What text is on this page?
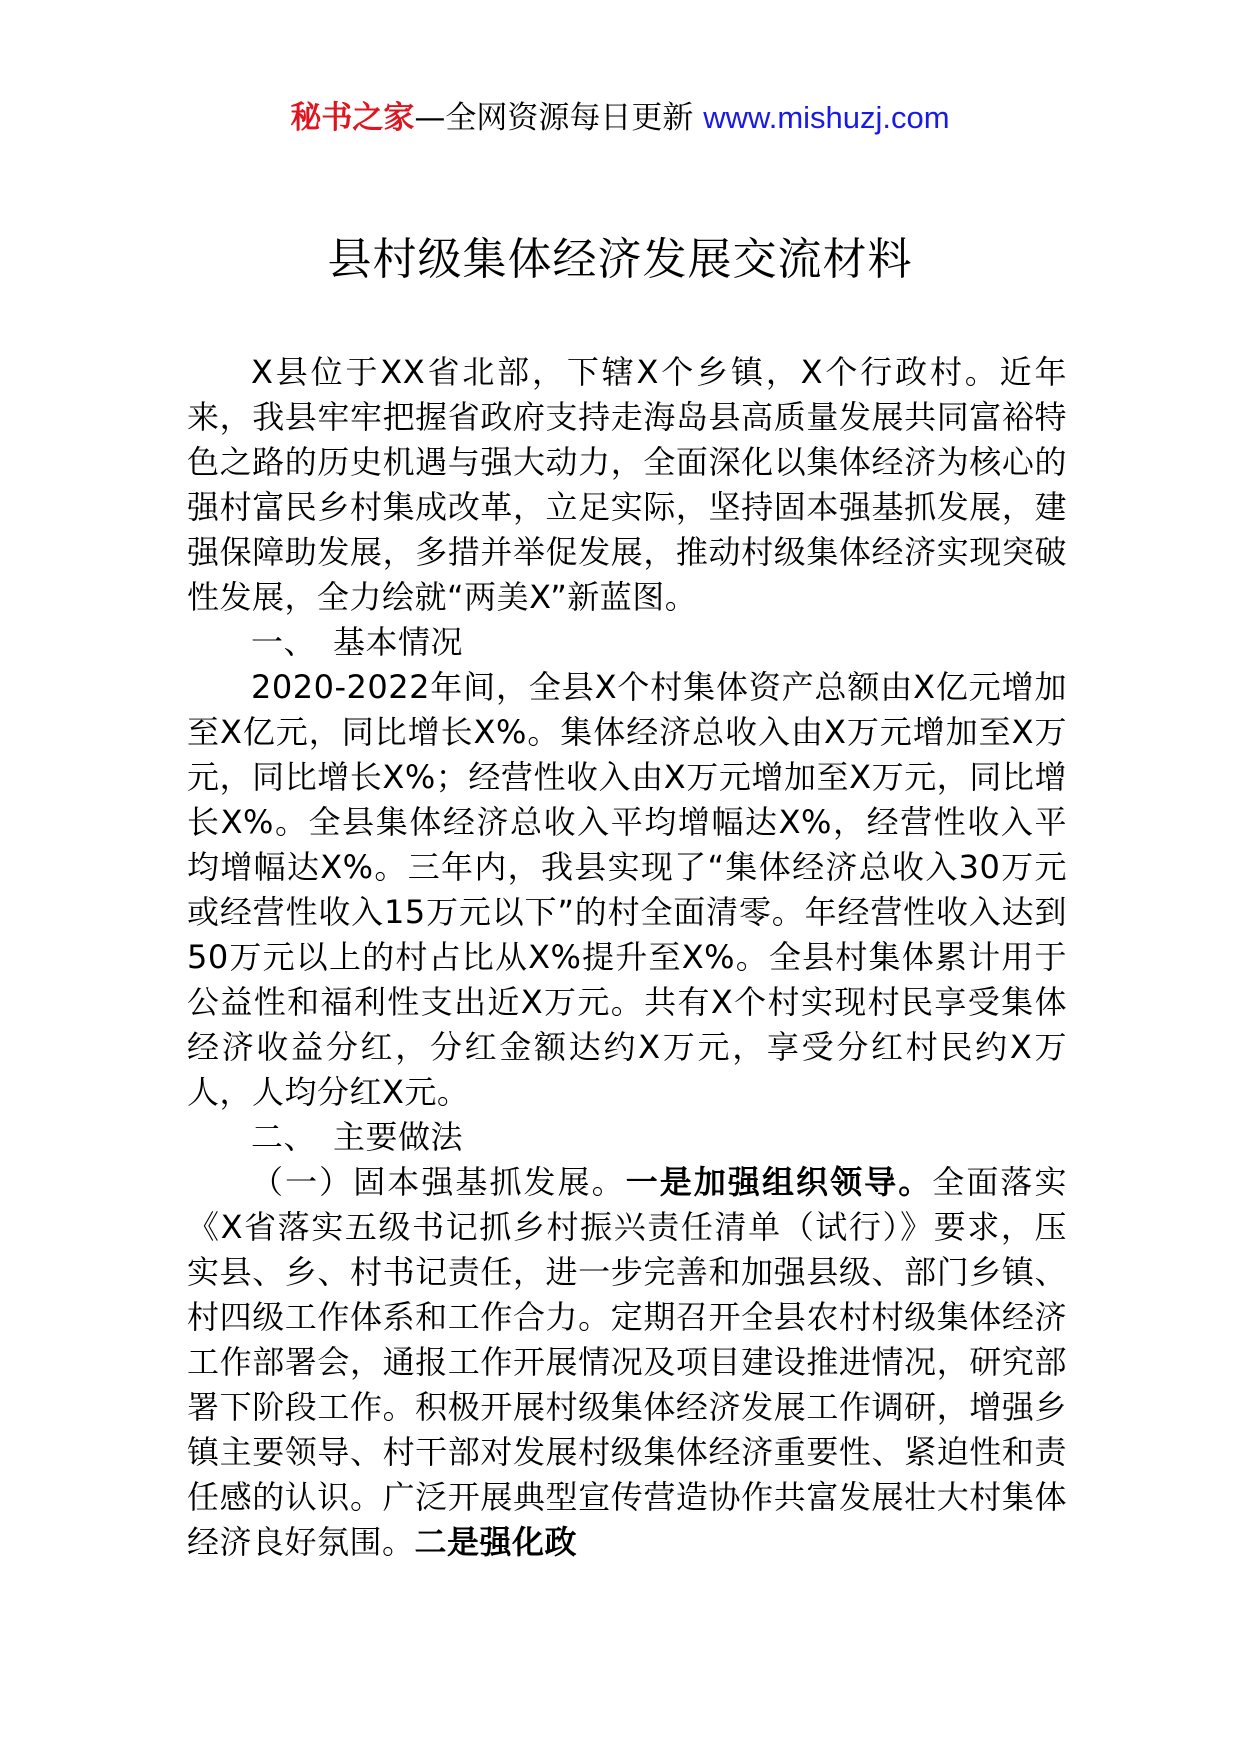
秘书之家—全网资源每日更新 www.mishuzj.com
县村级集体经济发展交流材料

X县位于XX省北部，下辖X个乡镇，X个行政村。近年来，我县牢牢把握省政府支持走海岛县高质量发展共同富裕特色之路的历史机遇与强大动力，全面深化以集体经济为核心的强村富民乡村集成改革，立足实际，坚持固本强基抓发展，建强保障助发展，多措并举促发展，推动村级集体经济实现突破性发展，全力绘就“两美X”新蓝图。

一、 基本情况

2020-2022年间，全县X个村集体资产总额由X亿元增加至X亿元，同比增长X%。集体经济总收入由X万元增加至X万元，同比增长X%；经营性收入由X万元增加至X万元，同比增长X%。全县集体经济总收入平均增幅达X%，经营性收入平均增幅达X%。三年内，我县实现了“集体经济总收入30万元或经营性收入15万元以下”的村全面清零。年经营性收入达到50万元以上的村占比从X%提升至X%。全县村集体累计用于公益性和福利性支出近X万元。共有X个村实现村民享受集体经济收益分红，分红金额达约X万元，享受分红村民约X万人，人均分红X元。

二、 主要做法

（一）固本强基抓发展。一是加强组织领导。全面落实《X省落实五级书记抓乡村振兴责任清单（试行）》要求，压实县、乡、村书记责任，进一步完善和加强县级、部门乡镇、村四级工作体系和工作合力。定期召开全县农村村级集体经济工作部署会，通报工作开展情况及项目建设推进情况，研究部署下阶段工作。积极开展村级集体经济发展工作调研，增强乡镇主要领导、村干部对发展村级集体经济重要性、紧迫性和责任感的认识。广泛开展典型宣传营造协作共富发展壮大村集体经济良好氛围。二是强化政
